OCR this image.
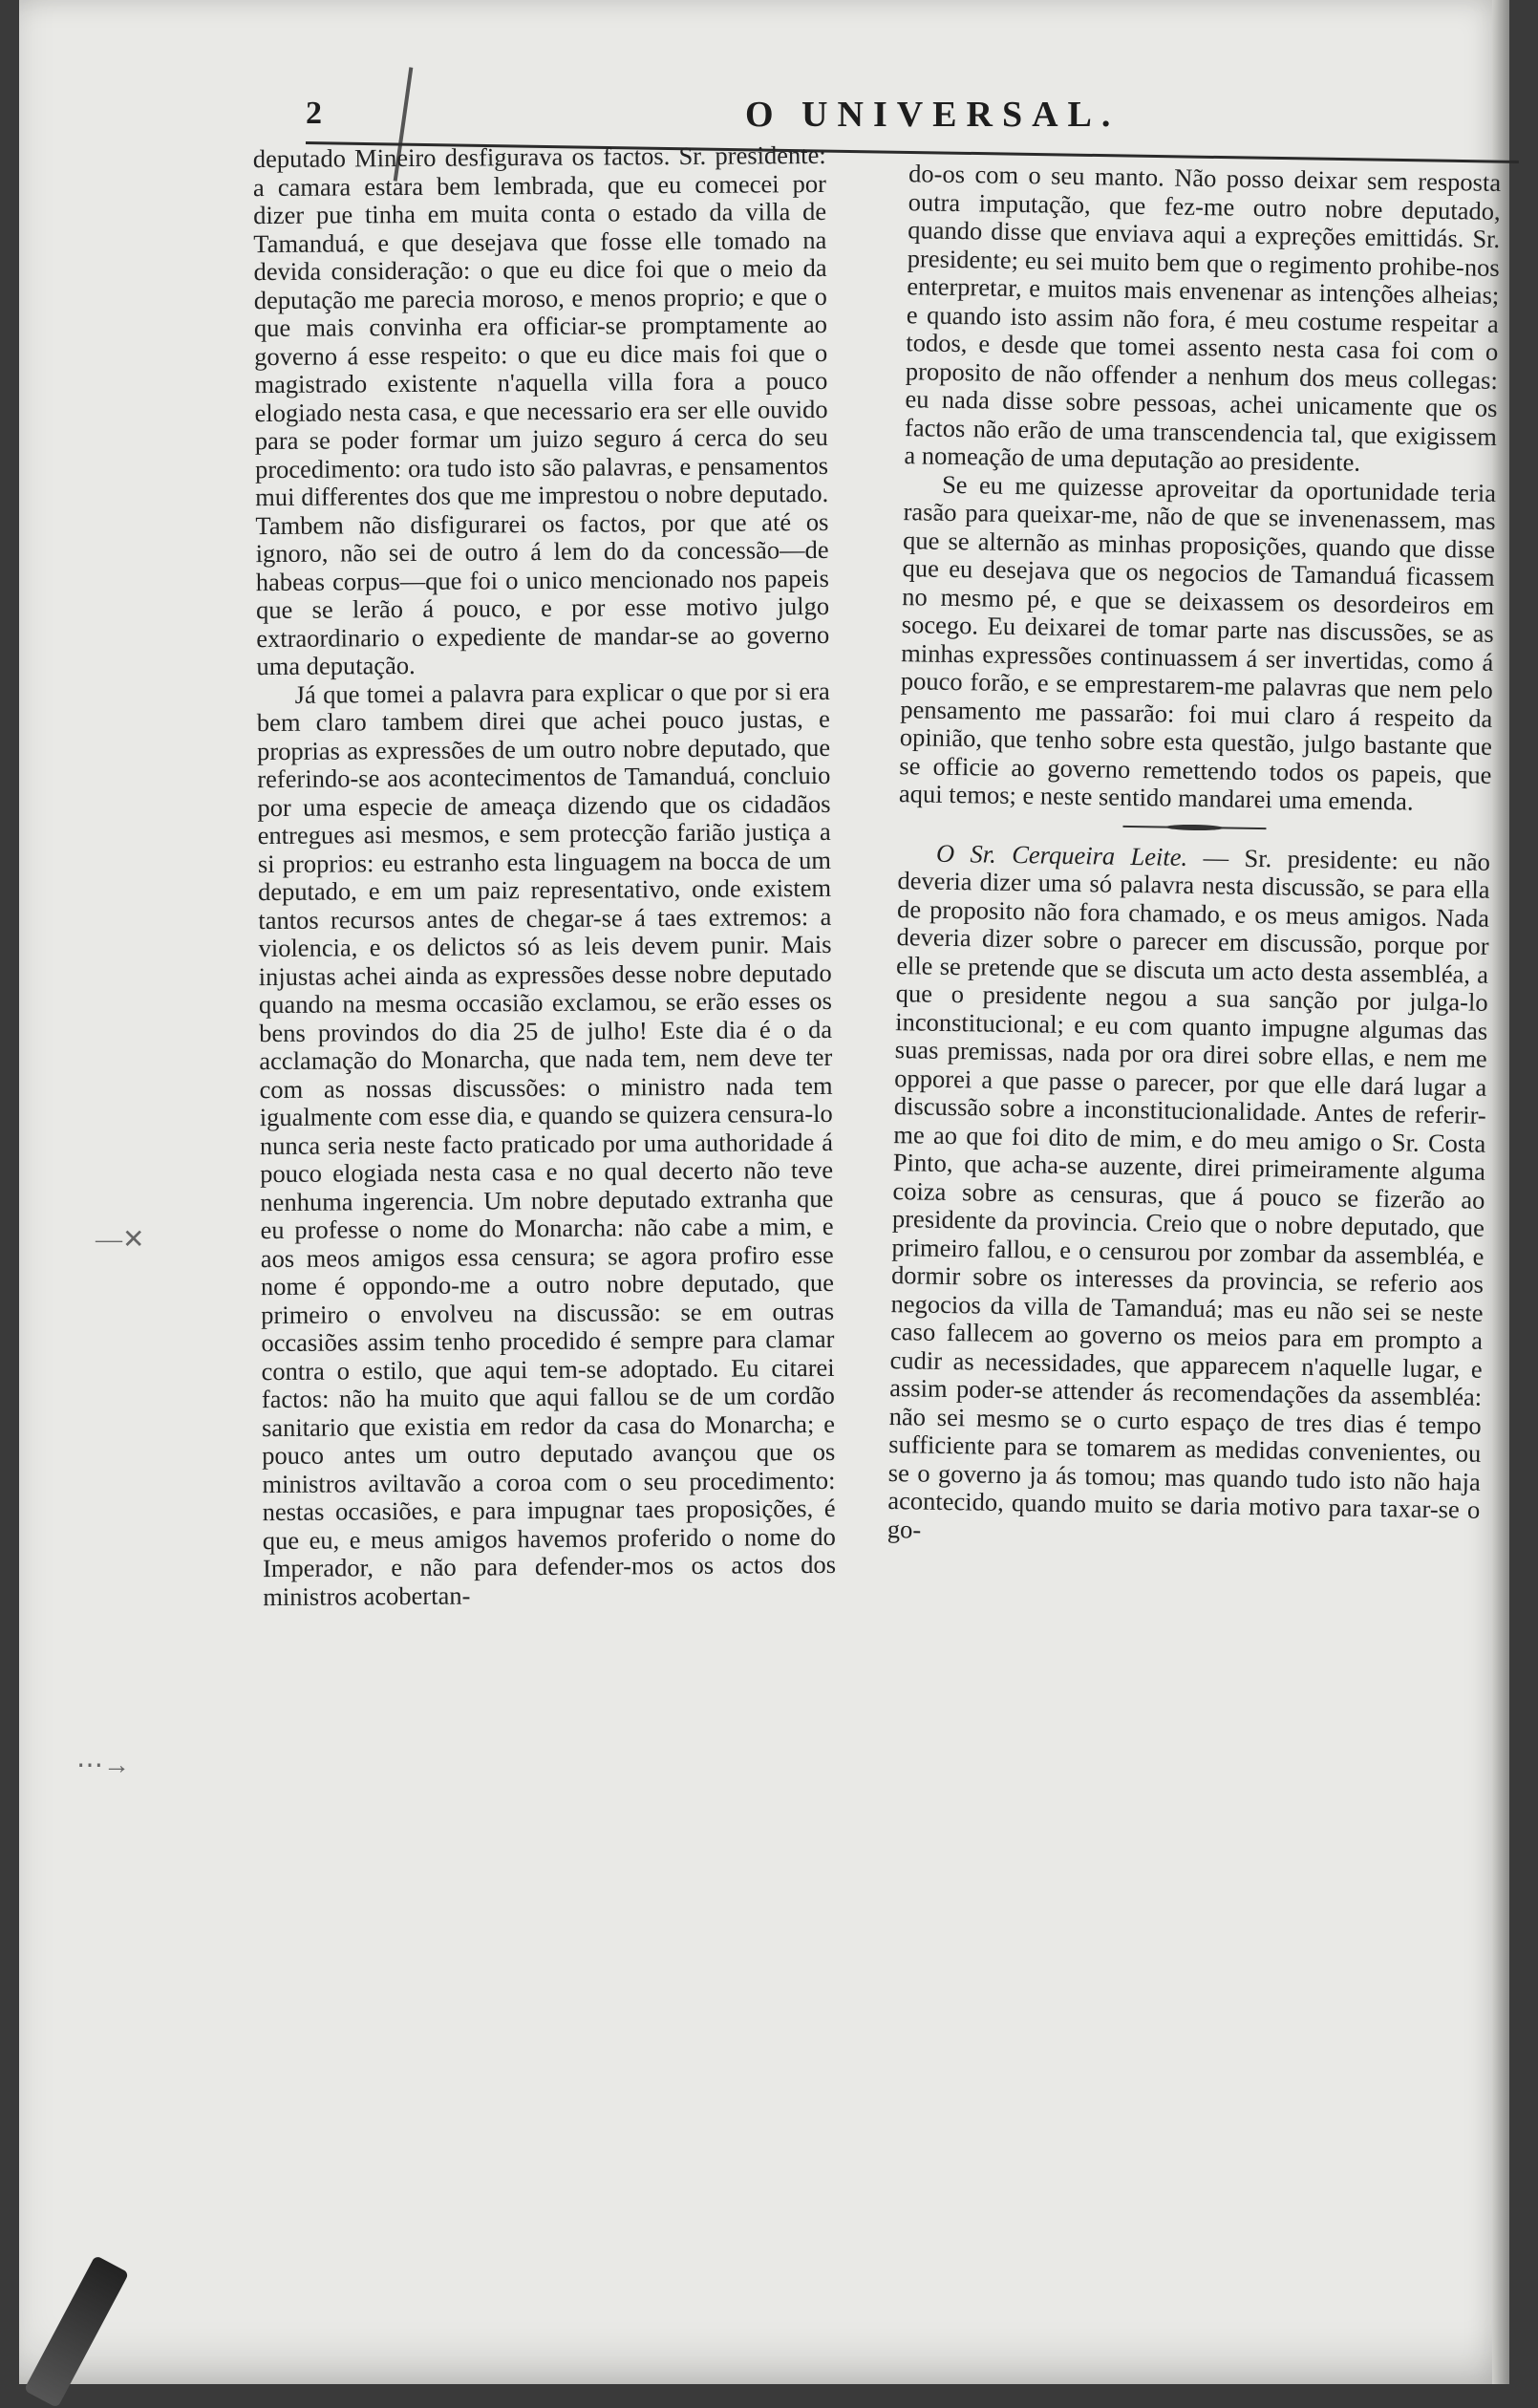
2	O UNIVERSAL.

deputado Mineiro desfigurava os factos. Sr. presidente: a camara estara bem lembrada, que eu comecei por dizer pue tinha em muita conta o estado da villa de Tamanduá, e que desejava que fosse elle tomado na devida consideração: o que eu dice foi que o meio da deputação me parecia moroso, e menos proprio; e que o que mais convinha era officiar-se promptamente ao governo á esse respeito: o que eu dice mais foi que o magistrado existente n'aquella villa fora a pouco elogiado nesta casa, e que necessario era ser elle ouvido para se poder formar um juizo seguro á cerca do seu procedimento: ora tudo isto são palavras, e pensamentos mui differentes dos que me imprestou o nobre deputado. Tambem não disfigurarei os factos, por que até os ignoro, não sei de outro á lem do da concessão—de habeas corpus—que foi o unico mencionado nos papeis que se lerão á pouco, e por esse motivo julgo extraordinario o expediente de mandar-se ao governo uma deputação.

Já que tomei a palavra para explicar o que por si era bem claro tambem direi que achei pouco justas, e proprias as expressões de um outro nobre deputado, que referindo-se aos acontecimentos de Tamanduá, concluio por uma especie de ameaça dizendo que os cidadãos entregues asi mesmos, e sem protecção farião justiça a si proprios: eu estranho esta linguagem na bocca de um deputado, e em um paiz representativo, onde existem tantos recursos antes de chegar-se á taes extremos: a violencia, e os delictos só as leis devem punir. Mais injustas achei ainda as expressões desse nobre deputado quando na mesma occasião exclamou, se erão esses os bens provindos do dia 25 de julho! Este dia é o da acclamação do Monarcha, que nada tem, nem deve ter com as nossas discussões: o ministro nada tem igualmente com esse dia, e quando se quizera censura-lo nunca seria neste facto praticado por uma authoridade á pouco elogiada nesta casa e no qual decerto não teve nenhuma ingerencia. Um nobre deputado extranha que eu professe o nome do Monarcha: não cabe a mim, e aos meos amigos essa censura; se agora profiro esse nome é oppondo-me a outro nobre deputado, que primeiro o envolveu na discussão: se em outras occasiões assim tenho procedido é sempre para clamar contra o estilo, que aqui tem-se adoptado. Eu citarei factos: não ha muito que aqui fallou se de um cordão sanitario que existia em redor da casa do Monarcha; e pouco antes um outro deputado avançou que os ministros aviltavão a coroa com o seu procedimento: nestas occasiões, e para impugnar taes proposições, é que eu, e meus amigos havemos proferido o nome do Imperador, e não para defender-mos os actos dos ministros acobertan-

do-os com o seu manto. Não posso deixar sem resposta outra imputação, que fez-me outro nobre deputado, quando disse que enviava aqui a expreções emittidás. Sr. presidente; eu sei muito bem que o regimento prohibe-nos enterpretar, e muitos mais envenenar as intenções alheias; e quando isto assim não fora, é meu costume respeitar a todos, e desde que tomei assento nesta casa foi com o proposito de não offender a nenhum dos meus collegas: eu nada disse sobre pessoas, achei unicamente que os factos não erão de uma transcendencia tal, que exigissem a nomeação de uma deputação ao presidente.

Se eu me quizesse aproveitar da oportunidade teria rasão para queixar-me, não de que se invenenassem, mas que se alternão as minhas proposições, quando que disse que eu desejava que os negocios de Tamanduá ficassem no mesmo pé, e que se deixassem os desordeiros em socego. Eu deixarei de tomar parte nas discussões, se as minhas expressões continuassem á ser invertidas, como á pouco forão, e se emprestarem-me palavras que nem pelo pensamento me passarão: foi mui claro á respeito da opinião, que tenho sobre esta questão, julgo bastante que se officie ao governo remettendo todos os papeis, que aqui temos; e neste sentido mandarei uma emenda.

O Sr. Cerqueira Leite. — Sr. presidente: eu não deveria dizer uma só palavra nesta discussão, se para ella de proposito não fora chamado, e os meus amigos. Nada deveria dizer sobre o parecer em discussão, porque por elle se pretende que se discuta um acto desta assembléa, a que o presidente negou a sua sanção por julga-lo inconstitucional; e eu com quanto impugne algumas das suas premissas, nada por ora direi sobre ellas, e nem me opporei a que passe o parecer, por que elle dará lugar a discussão sobre a inconstitucionalidade. Antes de referir-me ao que foi dito de mim, e do meu amigo o Sr. Costa Pinto, que acha-se auzente, direi primeiramente alguma coiza sobre as censuras, que á pouco se fizerão ao presidente da provincia. Creio que o nobre deputado, que primeiro fallou, e o censurou por zombar da assembléa, e dormir sobre os interesses da provincia, se referio aos negocios da villa de Tamanduá; mas eu não sei se neste caso fallecem ao governo os meios para em prompto a cudir as necessidades, que apparecem n'aquelle lugar, e assim poder-se attender ás recomendações da assembléa: não sei mesmo se o curto espaço de tres dias é tempo sufficiente para se tomarem as medidas convenientes, ou se o governo ja ás tomou; mas quando tudo isto não haja acontecido, quando muito se daria motivo para taxar-se o go-

—✕
⋯→
